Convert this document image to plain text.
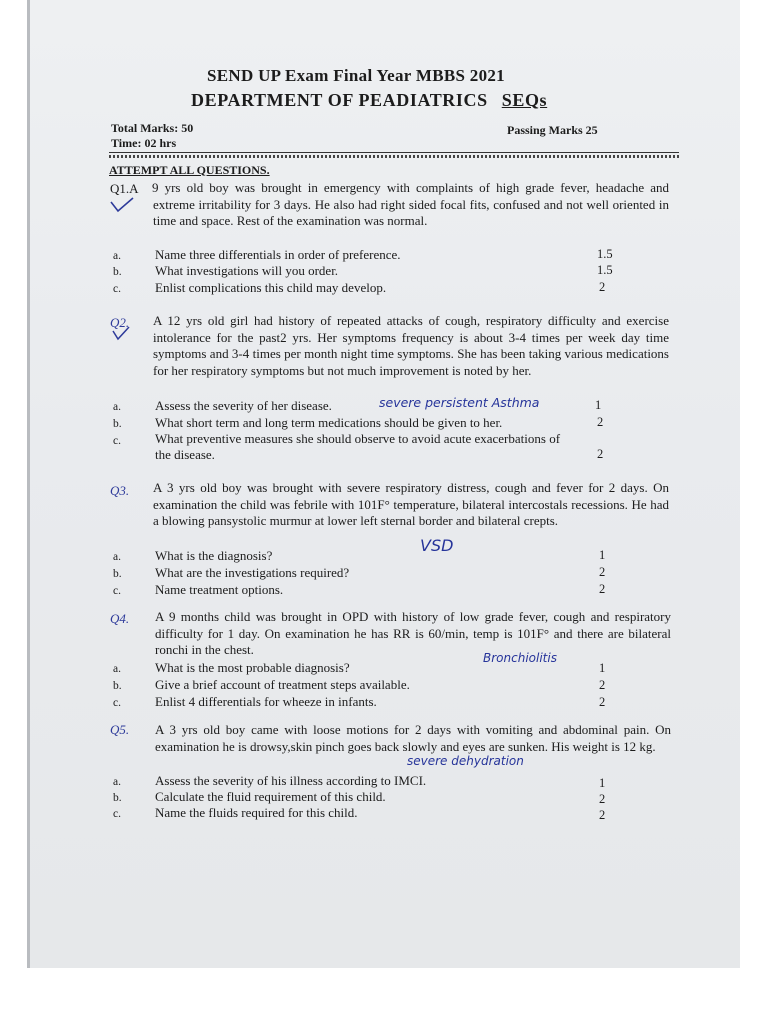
SEND UP Exam Final Year MBBS 2021
DEPARTMENT OF PEADIATRICS SEQs
Total Marks: 50
Time: 02 hrs
Passing Marks 25
ATTEMPT ALL QUESTIONS.
Q1.A 9 yrs old boy was brought in emergency with complaints of high grade fever, headache and extreme irritability for 3 days. He also had right sided focal fits, confused and not well oriented in time and space. Rest of the examination was normal.
a.	Name three differentials in order of preference.	1.5
b.	What investigations will you order.	1.5
c.	Enlist complications this child may develop.	2
Q2. A 12 yrs old girl had history of repeated attacks of cough, respiratory difficulty and exercise intolerance for the past2 yrs. Her symptoms frequency is about 3-4 times per week day time symptoms and 3-4 times per month night time symptoms. She has been taking various medications for her respiratory symptoms but not much improvement is noted by her.
a.	Assess the severity of her disease.	severe persistent Asthma	1
b.	What short term and long term medications should be given to her.	2
c.	What preventive measures she should observe to avoid acute exacerbations of
the disease.	2
Q3. A 3 yrs old boy was brought with severe respiratory distress, cough and fever for 2 days. On examination the child was febrile with 101F° temperature, bilateral intercostals recessions. He had a blowing pansystolic murmur at lower left sternal border and bilateral crepts.
VSD
a.	What is the diagnosis?	1
b.	What are the investigations required?	2
c.	Name treatment options.	2
Q4. A 9 months child was brought in OPD with history of low grade fever, cough and respiratory difficulty for 1 day. On examination he has RR is 60/min, temp is 101F° and there are bilateral ronchi in the chest.
Bronchiolitis
a.	What is the most probable diagnosis?	1
b.	Give a brief account of treatment steps available.	2
c.	Enlist 4 differentials for wheeze in infants.	2
Q5. A 3 yrs old boy came with loose motions for 2 days with vomiting and abdominal pain. On examination he is drowsy,skin pinch goes back slowly and eyes are sunken. His weight is 12 kg.
severe dehydration
a.	Assess the severity of his illness according to IMCI.	1
b.	Calculate the fluid requirement of this child.	2
c.	Name the fluids required for this child.	2
